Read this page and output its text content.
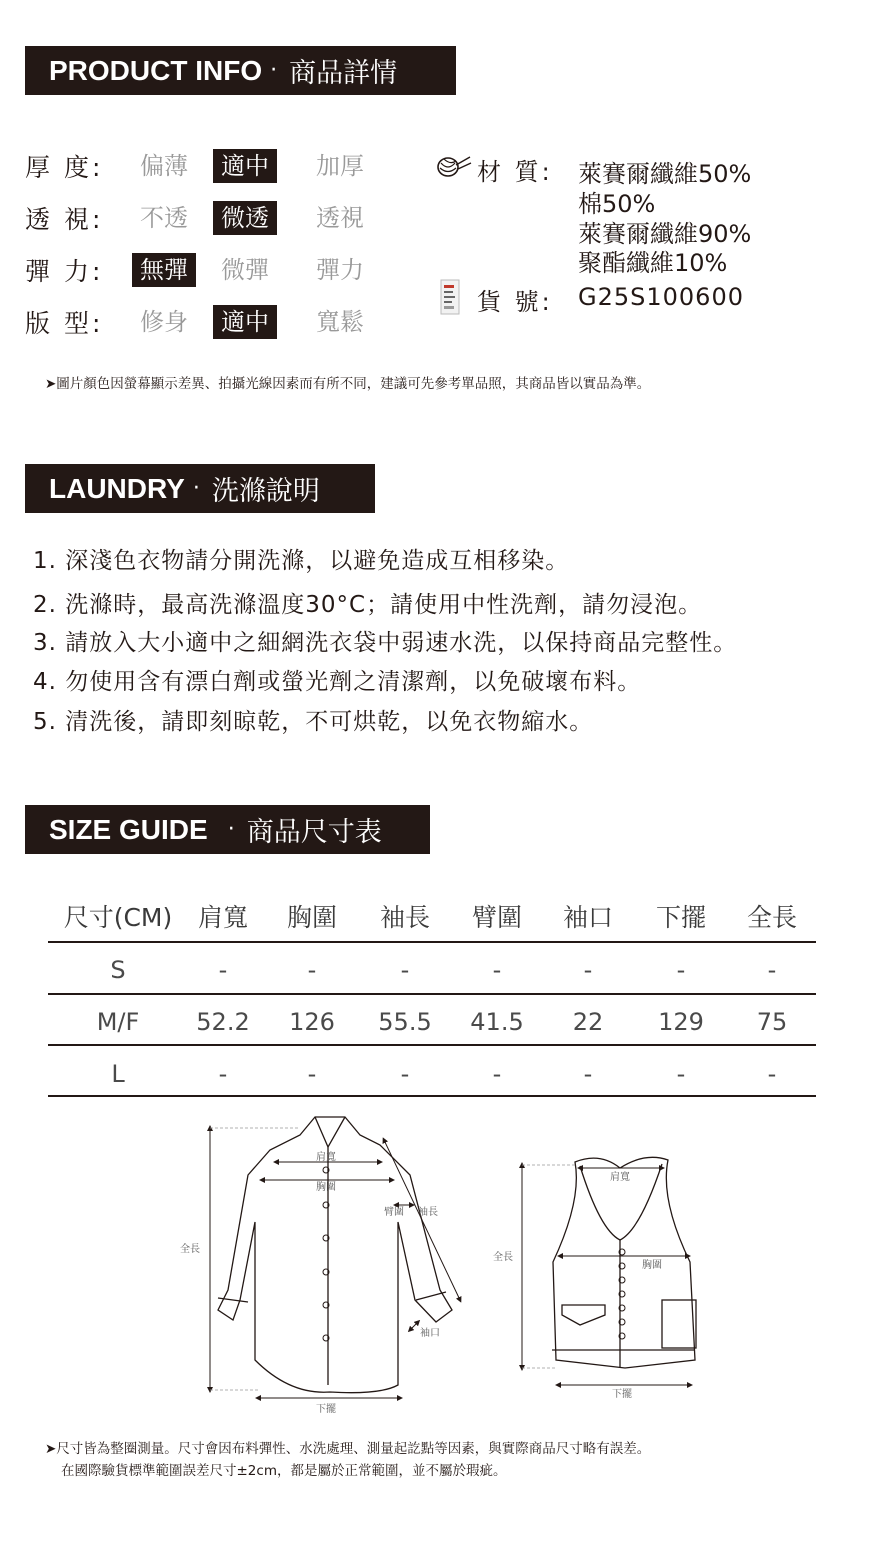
PRODUCT INFO · 商品詳情
厚 度:	偏薄	適中	加厚
透 視:	不透	微透	透視
彈 力:	無彈	微彈 彈力
版 型:	修身	適中	寬鬆
材 質: 萊賽爾纖維50%
棉50%
萊賽爾纖維90%
聚酯纖維10%
貨 號: G25S100600
➤圖片顏色因螢幕顯示差異、拍攝光線因素而有所不同，建議可先參考單品照，其商品皆以實品為準。
LAUNDRY · 洗滌說明
1. 深淺色衣物請分開洗滌，以避免造成互相移染。
2. 洗滌時，最高洗滌溫度30°C；請使用中性洗劑，請勿浸泡。
3. 請放入大小適中之細網洗衣袋中弱速水洗，以保持商品完整性。
4. 勿使用含有漂白劑或螢光劑之清潔劑，以免破壞布料。
5. 清洗後，請即刻晾乾，不可烘乾，以免衣物縮水。
SIZE GUIDE · 商品尺寸表
尺寸(CM)	肩寬	胸圍	袖長	臂圍	袖口	下擺	全長
S	-	-	-	-	-	-	-
M/F	52.2	126	55.5	41.5	22	129	75
L	-	-	-	-	-	-	-
肩寬
胸圍
臂圍 袖長
全長
袖口
下擺
肩寬
胸圍
全長
下擺
➤尺寸皆為整圈測量。尺寸會因布料彈性、水洗處理、測量起訖點等因素，與實際商品尺寸略有誤差。
在國際驗貨標準範圍誤差尺寸±2cm，都是屬於正常範圍，並不屬於瑕疵。
